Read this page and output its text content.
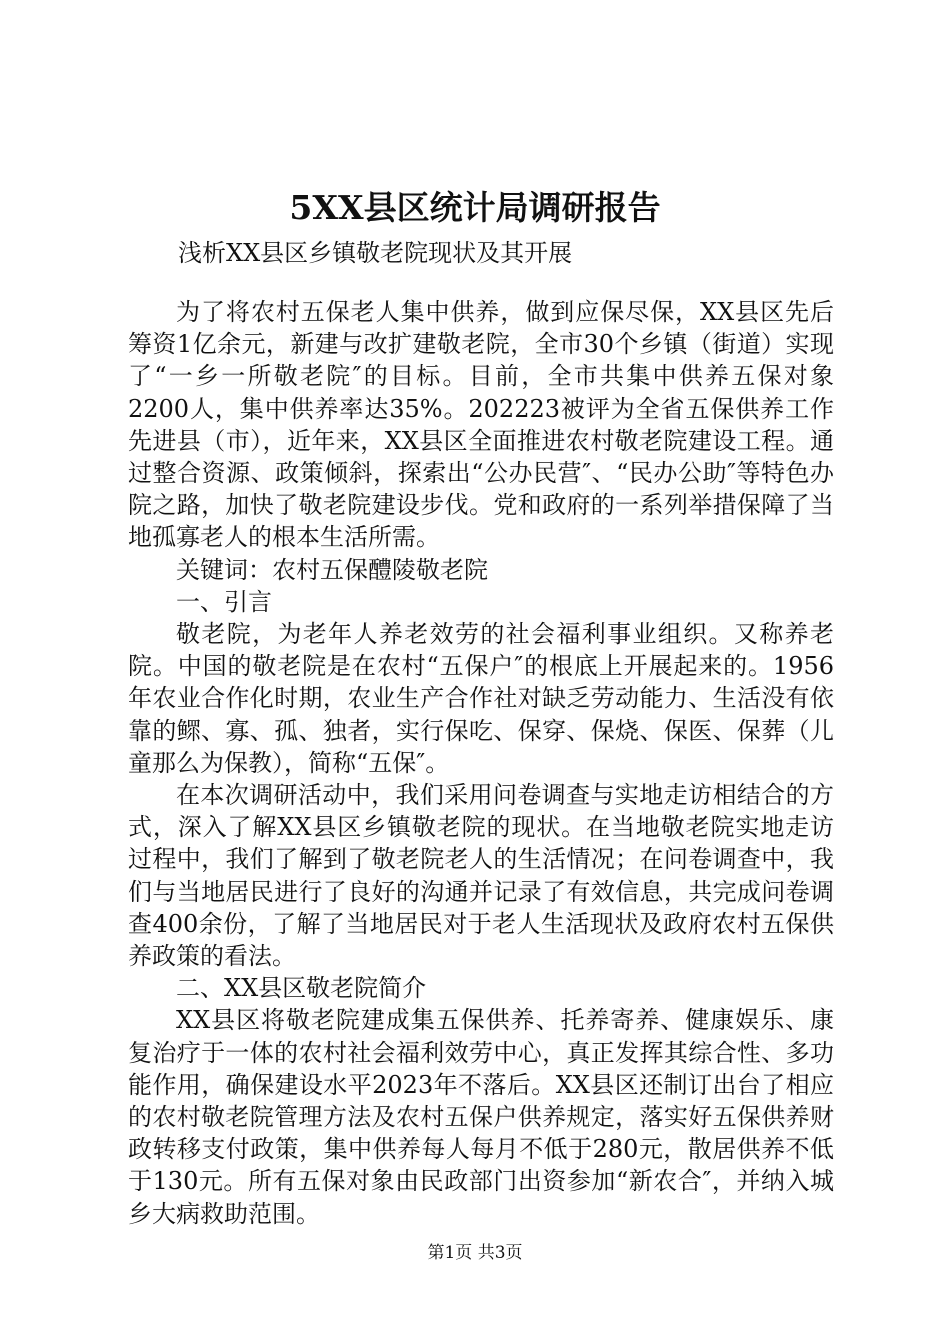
5XX县区统计局调研报告
浅析XX县区乡镇敬老院现状及其开展

为了将农村五保老人集中供养，做到应保尽保，XX县区先后筹资1亿余元，新建与改扩建敬老院，全市30个乡镇（街道）实现了“一乡一所敬老院″的目标。目前，全市共集中供养五保对象2200人，集中供养率达35%。202223被评为全省五保供养工作先进县（市），近年来，XX县区全面推进农村敬老院建设工程。通过整合资源、政策倾斜，探索出“公办民营″、“民办公助″等特色办院之路，加快了敬老院建设步伐。党和政府的一系列举措保障了当地孤寡老人的根本生活所需。

关键词：农村五保醴陵敬老院

一、引言

敬老院，为老年人养老效劳的社会福利事业组织。又称养老院。中国的敬老院是在农村“五保户″的根底上开展起来的。1956年农业合作化时期，农业生产合作社对缺乏劳动能力、生活没有依靠的鳏、寡、孤、独者，实行保吃、保穿、保烧、保医、保葬（儿童那么为保教），简称“五保″。

在本次调研活动中，我们采用问卷调查与实地走访相结合的方式，深入了解XX县区乡镇敬老院的现状。在当地敬老院实地走访过程中，我们了解到了敬老院老人的生活情况；在问卷调查中，我们与当地居民进行了良好的沟通并记录了有效信息，共完成问卷调查400余份，了解了当地居民对于老人生活现状及政府农村五保供养政策的看法。

二、XX县区敬老院简介

XX县区将敬老院建成集五保供养、托养寄养、健康娱乐、康复治疗于一体的农村社会福利效劳中心，真正发挥其综合性、多功能作用，确保建设水平2023年不落后。XX县区还制订出台了相应的农村敬老院管理方法及农村五保户供养规定，落实好五保供养财政转移支付政策，集中供养每人每月不低于280元，散居供养不低于130元。所有五保对象由民政部门出资参加“新农合″，并纳入城乡大病救助范围。

第1页 共3页
